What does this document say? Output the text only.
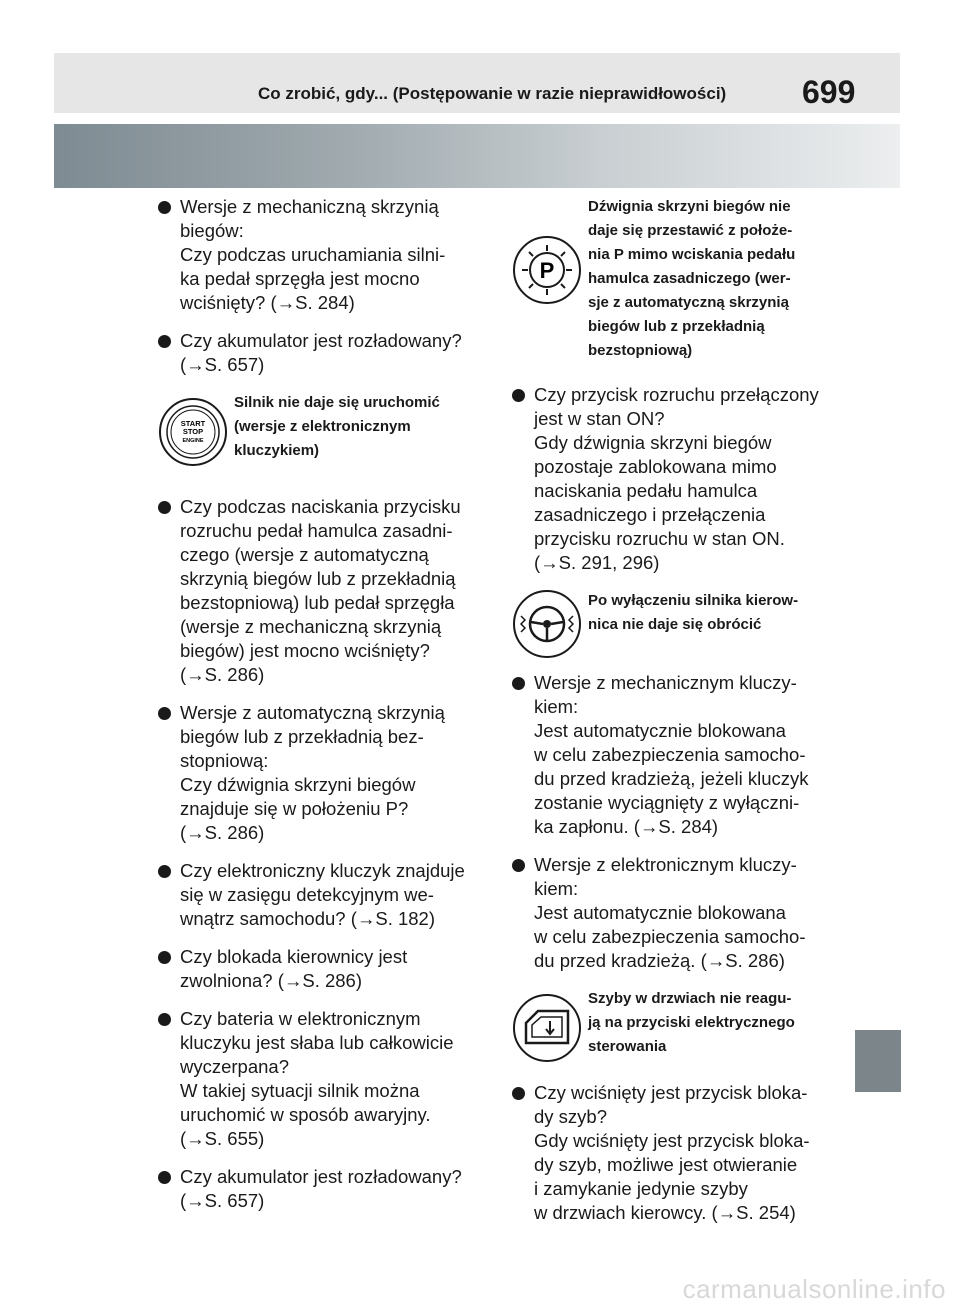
Co zrobić, gdy... (Postępowanie w razie nieprawidłowości) 699

Wersje z mechaniczną skrzynią
biegów:
Czy podczas uruchamiania silni-
ka pedał sprzęgła jest mocno
wciśnięty? (→S. 284)

Czy akumulator jest rozładowany?
(→S. 657)

START
STOP
ENGINE
Silnik nie daje się uruchomić
(wersje z elektronicznym
kluczykiem)

Czy podczas naciskania przycisku
rozruchu pedał hamulca zasadni-
czego (wersje z automatyczną
skrzynią biegów lub z przekładnią
bezstopniową) lub pedał sprzęgła
(wersje z mechaniczną skrzynią
biegów) jest mocno wciśnięty?
(→S. 286)

Wersje z automatyczną skrzynią
biegów lub z przekładnią bez-
stopniową:
Czy dźwignia skrzyni biegów
znajduje się w położeniu P?
(→S. 286)

Czy elektroniczny kluczyk znajduje
się w zasięgu detekcyjnym we-
wnątrz samochodu? (→S. 182)

Czy blokada kierownicy jest
zwolniona? (→S. 286)

Czy bateria w elektronicznym
kluczyku jest słaba lub całkowicie
wyczerpana?
W takiej sytuacji silnik można
uruchomić w sposób awaryjny.
(→S. 655)

Czy akumulator jest rozładowany?
(→S. 657)

P
Dźwignia skrzyni biegów nie
daje się przestawić z położe-
nia P mimo wciskania pedału
hamulca zasadniczego (wer-
sje z automatyczną skrzynią
biegów lub z przekładnią
bezstopniową)

Czy przycisk rozruchu przełączony
jest w stan ON?
Gdy dźwignia skrzyni biegów
pozostaje zablokowana mimo
naciskania pedału hamulca
zasadniczego i przełączenia
przycisku rozruchu w stan ON.
(→S. 291, 296)

Po wyłączeniu silnika kierow-
nica nie daje się obrócić

Wersje z mechanicznym kluczy-
kiem:
Jest automatycznie blokowana
w celu zabezpieczenia samocho-
du przed kradzieżą, jeżeli kluczyk
zostanie wyciągnięty z wyłączni-
ka zapłonu. (→S. 284)

Wersje z elektronicznym kluczy-
kiem:
Jest automatycznie blokowana
w celu zabezpieczenia samocho-
du przed kradzieżą. (→S. 286)

Szyby w drzwiach nie reagu-
ją na przyciski elektrycznego
sterowania

Czy wciśnięty jest przycisk bloka-
dy szyb?
Gdy wciśnięty jest przycisk bloka-
dy szyb, możliwe jest otwieranie
i zamykanie jedynie szyby
w drzwiach kierowcy. (→S. 254)

carmanualsonline.info
